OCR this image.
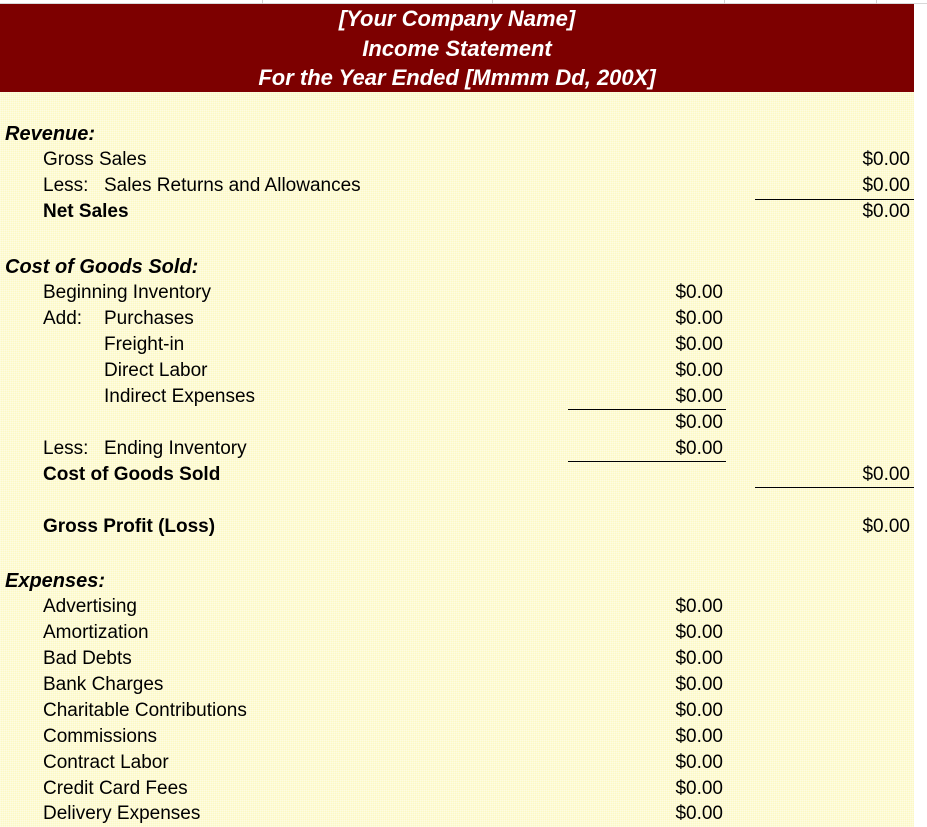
[Your Company Name]
Income Statement
For the Year Ended [Mmmm Dd, 200X]
Revenue:
Gross Sales	$0.00
Less: Sales Returns and Allowances	$0.00
Net Sales	$0.00
Cost of Goods Sold:
Beginning Inventory	$0.00
Add: Purchases	$0.00
Freight-in	$0.00
Direct Labor	$0.00
Indirect Expenses	$0.00
$0.00
Less: Ending Inventory	$0.00
Cost of Goods Sold	$0.00
Gross Profit (Loss)	$0.00
Expenses:
Advertising	$0.00
Amortization	$0.00
Bad Debts	$0.00
Bank Charges	$0.00
Charitable Contributions	$0.00
Commissions	$0.00
Contract Labor	$0.00
Credit Card Fees	$0.00
Delivery Expenses	$0.00
